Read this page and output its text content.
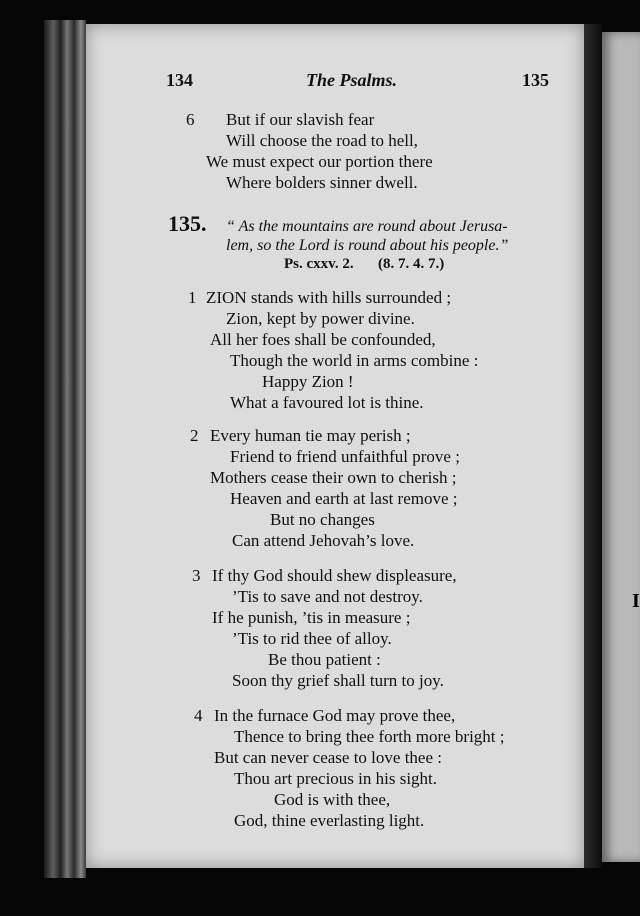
I
134	The Psalms.	135
6 But if our slavish fear
Will choose the road to hell,
We must expect our portion there
Where bolders sinner dwell.
135. “ As the mountains are round about Jerusa-
lem, so the Lord is round about his people.”
Ps. cxxv. 2. (8. 7. 4. 7.)
1 ZION stands with hills surrounded ;
Zion, kept by power divine.
All her foes shall be confounded,
Though the world in arms combine :
Happy Zion !
What a favoured lot is thine.
2 Every human tie may perish ;
Friend to friend unfaithful prove ;
Mothers cease their own to cherish ;
Heaven and earth at last remove ;
But no changes
Can attend Jehovah’s love.
3 If thy God should shew displeasure,
’Tis to save and not destroy.
If he punish, ’tis in measure ;
’Tis to rid thee of alloy.
Be thou patient :
Soon thy grief shall turn to joy.
4 In the furnace God may prove thee,
Thence to bring thee forth more bright ;
But can never cease to love thee :
Thou art precious in his sight.
God is with thee,
God, thine everlasting light.
